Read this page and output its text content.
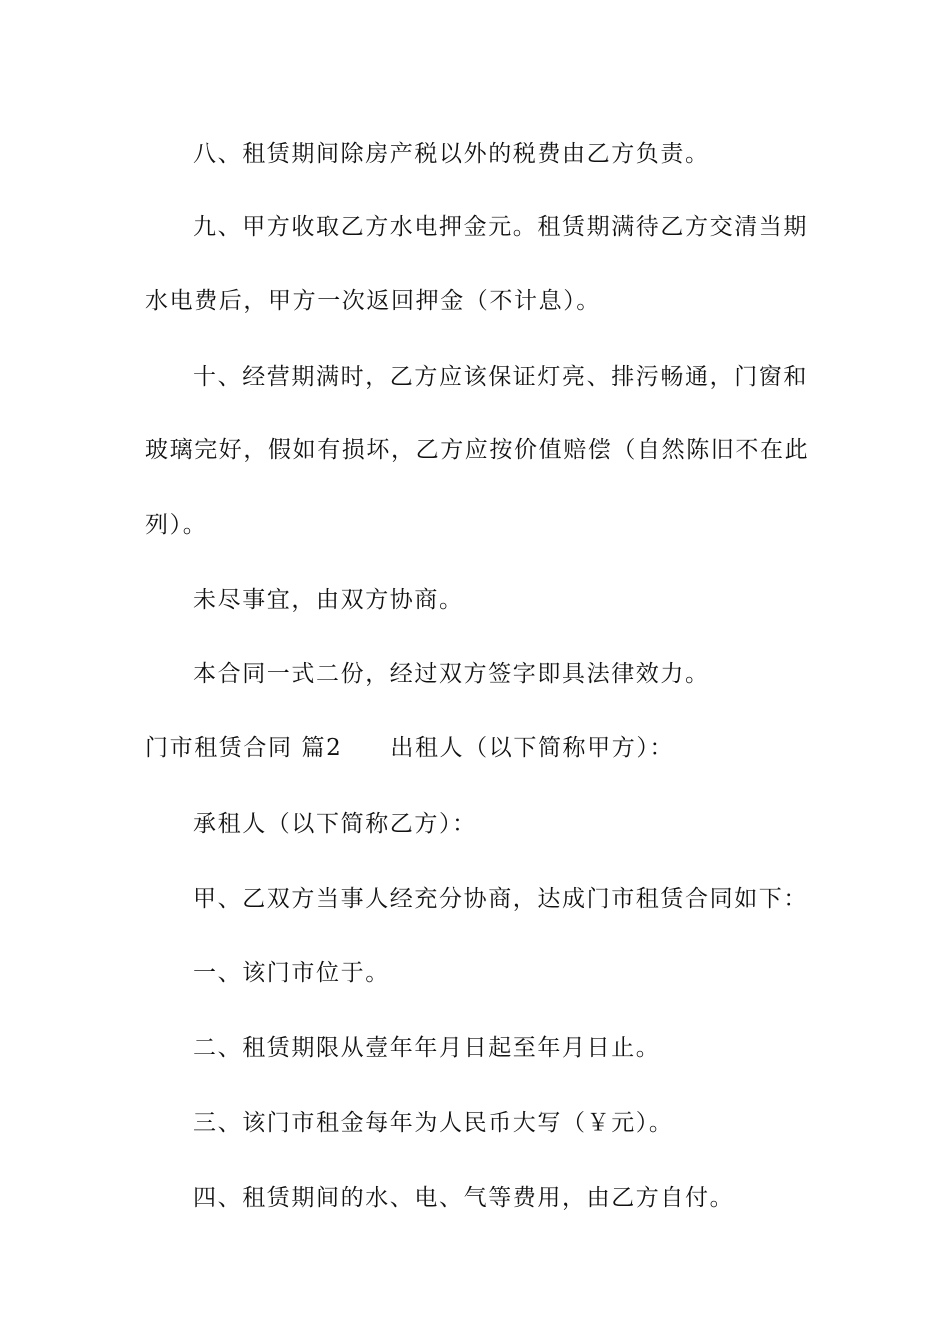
八、租赁期间除房产税以外的税费由乙方负责。
九、甲方收取乙方水电押金元。租赁期满待乙方交清当期
水电费后，甲方一次返回押金（不计息）。
十、经营期满时，乙方应该保证灯亮、排污畅通，门窗和
玻璃完好，假如有损坏，乙方应按价值赔偿（自然陈旧不在此
列）。
未尽事宜，由双方协商。
本合同一式二份，经过双方签字即具法律效力。
门市租赁合同 篇2 出租人（以下简称甲方）：
承租人（以下简称乙方）：
甲、乙双方当事人经充分协商，达成门市租赁合同如下：
一、该门市位于。
二、租赁期限从壹年年月日起至年月日止。
三、该门市租金每年为人民币大写（￥元）。
四、租赁期间的水、电、气等费用，由乙方自付。
